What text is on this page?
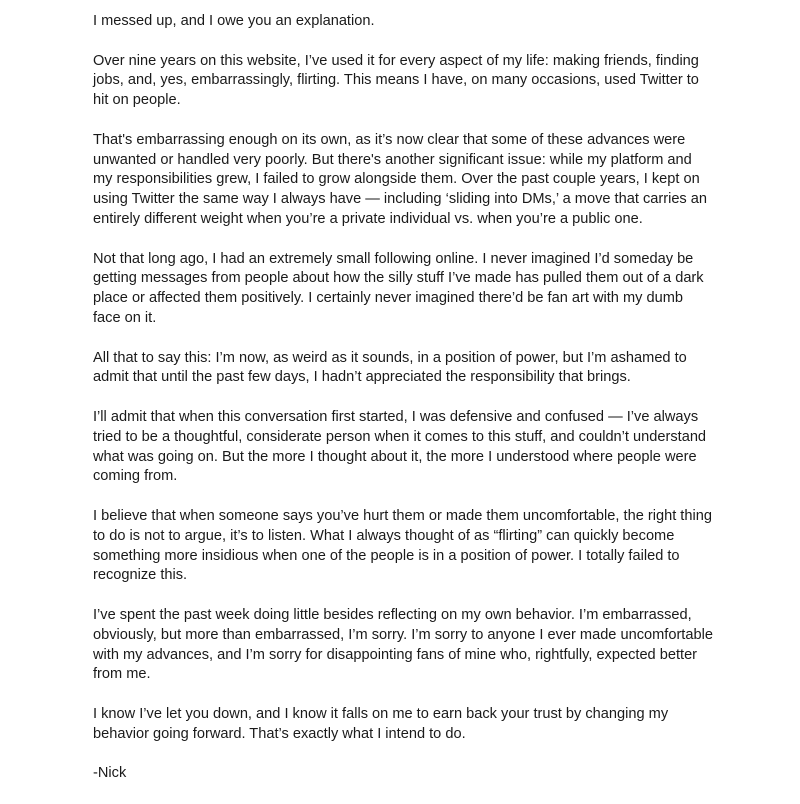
I messed up, and I owe you an explanation.

Over nine years on this website, I’ve used it for every aspect of my life: making friends, finding
jobs, and, yes, embarrassingly, flirting. This means I have, on many occasions, used Twitter to
hit on people.

That's embarrassing enough on its own, as it’s now clear that some of these advances were
unwanted or handled very poorly. But there's another significant issue: while my platform and
my responsibilities grew, I failed to grow alongside them. Over the past couple years, I kept on
using Twitter the same way I always have — including ‘sliding into DMs,’ a move that carries an
entirely different weight when you’re a private individual vs. when you’re a public one.

Not that long ago, I had an extremely small following online. I never imagined I’d someday be
getting messages from people about how the silly stuff I’ve made has pulled them out of a dark
place or affected them positively. I certainly never imagined there’d be fan art with my dumb
face on it.

All that to say this: I’m now, as weird as it sounds, in a position of power, but I’m ashamed to
admit that until the past few days, I hadn’t appreciated the responsibility that brings.

I’ll admit that when this conversation first started, I was defensive and confused — I’ve always
tried to be a thoughtful, considerate person when it comes to this stuff, and couldn’t understand
what was going on. But the more I thought about it, the more I understood where people were
coming from.

I believe that when someone says you’ve hurt them or made them uncomfortable, the right thing
to do is not to argue, it’s to listen. What I always thought of as “flirting” can quickly become
something more insidious when one of the people is in a position of power. I totally failed to
recognize this.

I’ve spent the past week doing little besides reflecting on my own behavior. I’m embarrassed,
obviously, but more than embarrassed, I’m sorry. I’m sorry to anyone I ever made uncomfortable
with my advances, and I’m sorry for disappointing fans of mine who, rightfully, expected better
from me.

I know I’ve let you down, and I know it falls on me to earn back your trust by changing my
behavior going forward. That’s exactly what I intend to do.

-Nick
